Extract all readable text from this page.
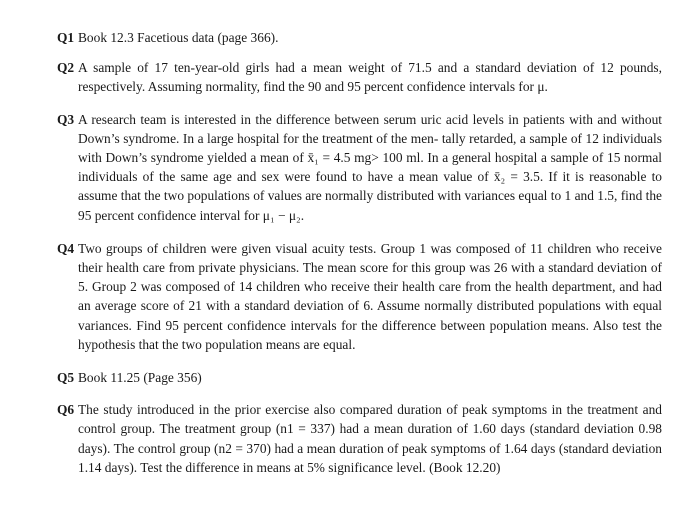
Q1 Book 12.3 Facetious data (page 366).
Q2 A sample of 17 ten-year-old girls had a mean weight of 71.5 and a standard deviation of 12 pounds, respectively. Assuming normality, find the 90 and 95 percent confidence intervals for μ.
Q3 A research team is interested in the difference between serum uric acid levels in patients with and without Down’s syndrome. In a large hospital for the treatment of the men- tally retarded, a sample of 12 individuals with Down’s syndrome yielded a mean of x̄₁ = 4.5 mg> 100 ml. In a general hospital a sample of 15 normal individuals of the same age and sex were found to have a mean value of x̄₂ = 3.5. If it is reasonable to assume that the two populations of values are normally distributed with variances equal to 1 and 1.5, find the 95 percent confidence interval for μ₁ − μ₂.
Q4 Two groups of children were given visual acuity tests. Group 1 was composed of 11 children who receive their health care from private physicians. The mean score for this group was 26 with a standard deviation of 5. Group 2 was composed of 14 children who receive their health care from the health department, and had an average score of 21 with a standard deviation of 6. Assume normally distributed populations with equal variances. Find 95 percent confidence intervals for the difference between population means. Also test the hypothesis that the two population means are equal.
Q5 Book 11.25 (Page 356)
Q6 The study introduced in the prior exercise also compared duration of peak symptoms in the treatment and control group. The treatment group (n1 = 337) had a mean duration of 1.60 days (standard deviation 0.98 days). The control group (n2 = 370) had a mean duration of peak symptoms of 1.64 days (standard deviation 1.14 days). Test the difference in means at 5% significance level. (Book 12.20)
